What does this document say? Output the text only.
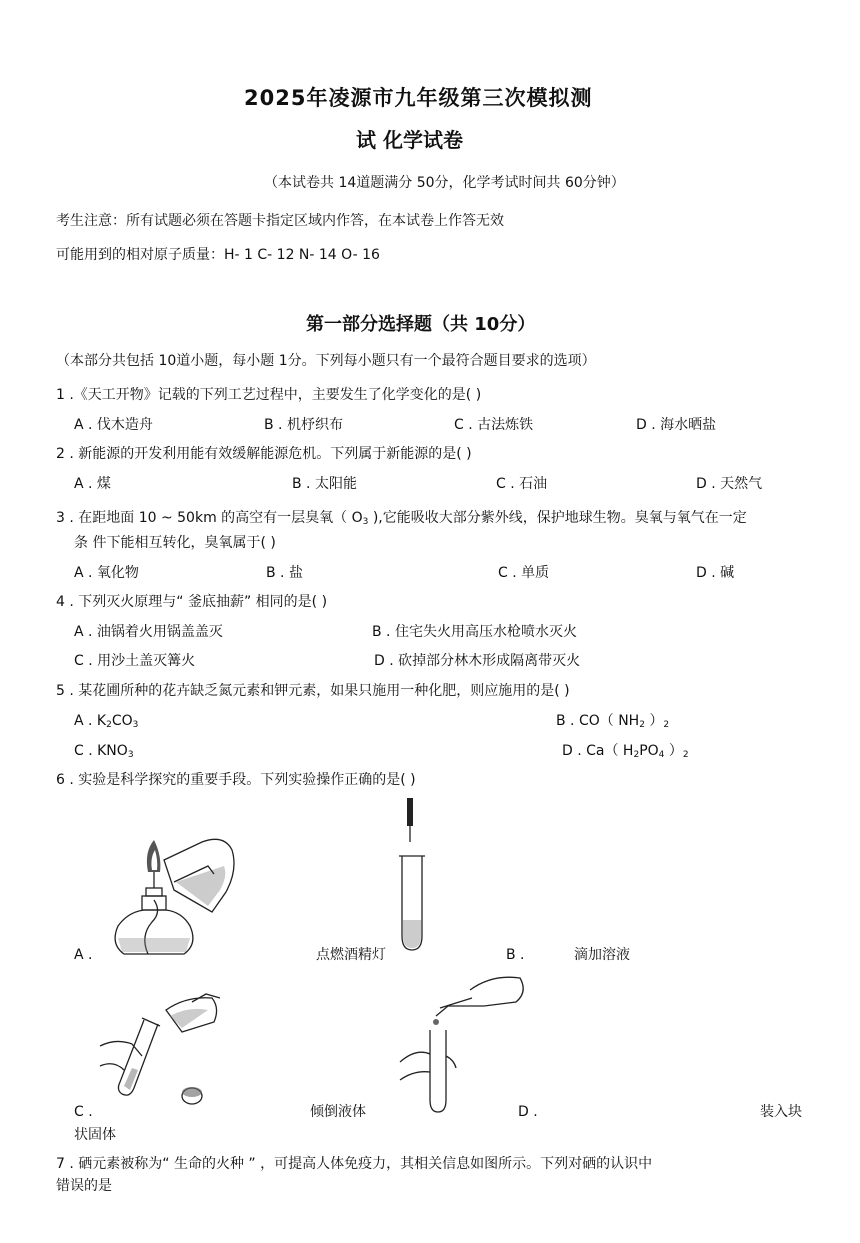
2025年凌源市九年级第三次模拟测
试 化学试卷
（本试卷共 14道题满分 50分，化学考试时间共 60分钟）
考生注意：所有试题必须在答题卡指定区域内作答，在本试卷上作答无效
可能用到的相对原子质量：H- 1 C- 12 N- 14 O- 16
第一部分选择题（共 10分）
（本部分共包括 10道小题，每小题 1分。下列每小题只有一个最符合题目要求的选项）
1 .《天工开物》记载的下列工艺过程中，主要发生了化学变化的是( )
A . 伐木造舟	B . 机杼织布	C . 古法炼铁	D . 海水晒盐
2 . 新能源的开发利用能有效缓解能源危机。下列属于新能源的是( )
A . 煤	B . 太阳能	C . 石油	D . 天然气
3 . 在距地面 10 ~ 50km 的高空有一层臭氧（ $O_3$ ),它能吸收大部分紫外线，保护地球生物。臭氧与氧气在一定
条 件下能相互转化，臭氧属于( )
A . 氧化物	B . 盐	C . 单质	D . 碱
4 . 下列灭火原理与“ 釜底抽薪” 相同的是( )
A . 油锅着火用锅盖盖灭	B . 住宅失火用高压水枪喷水灭火
C . 用沙土盖灭篝火	D . 砍掉部分林木形成隔离带灭火
5 . 某花圃所种的花卉缺乏氮元素和钾元素，如果只施用一种化肥，则应施用的是( )
A . $K_2CO_3$	B . CO（ $NH_2$ ）$_2$
C . $KNO_3$	D . Ca（ $H_2PO_4$ ）$_2$
6 . 实验是科学探究的重要手段。下列实验操作正确的是( )
A .	点燃酒精灯	B .	滴加溶液
C .	倾倒液体	D .	装入块
状固体
7 . 硒元素被称为“ 生命的火种 ” ，可提高人体免疫力，其相关信息如图所示。下列对硒的认识中
错误的是
